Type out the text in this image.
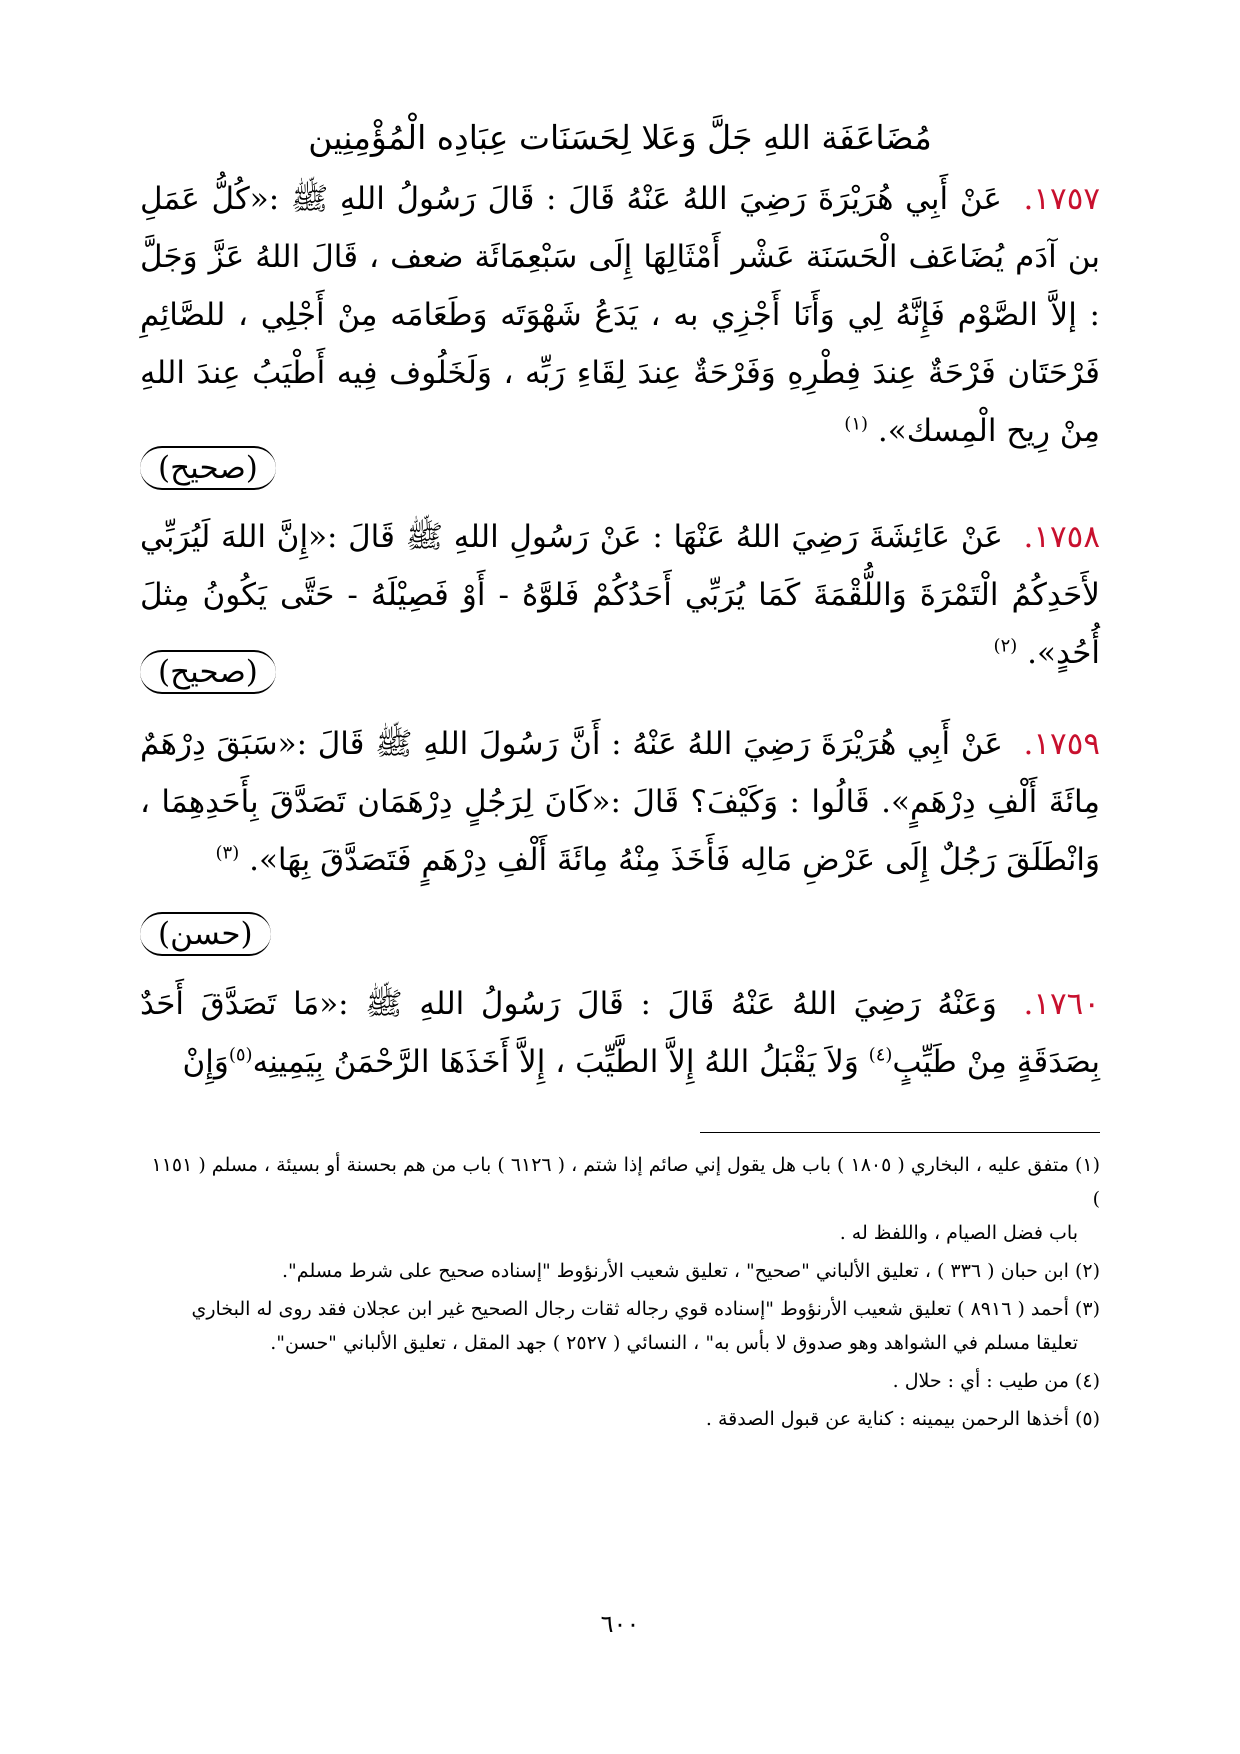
مُضَاعَفَة اللهِ جَلَّ وَعَلا لِحَسَنَات عِبَادِه الْمُؤْمِنِين
١٧٥٧. عَنْ أَبِي هُرَيْرَةَ رَضِيَ اللهُ عَنْهُ قَالَ : قَالَ رَسُولُ اللهِ ﷺ :«كُلُّ عَمَلِ بن آدَم يُضَاعَف الْحَسَنَة عَشْر أَمْثَالِهَا إِلَى سَبْعِمَائَة ضعف ، قَالَ اللهُ عَزَّ وَجَلَّ : إلاَّ الصَّوْم فَإِنَّهُ لِي وَأَنَا أَجْزِي به ، يَدَعُ شَهْوَتَه وَطَعَامَه مِنْ أَجْلِي ، للصَّائِمِ فَرْحَتَان فَرْحَةٌ عِندَ فِطْرِهِ وَفَرْحَةٌ عِندَ لِقَاءِ رَبِّه ، وَلَخَلُوف فِيه أَطْيَبُ عِندَ اللهِ مِنْ رِيح الْمِسك». $^{(١)}$
(صحيح)
١٧٥٨. عَنْ عَائِشَةَ رَضِيَ اللهُ عَنْهَا : عَنْ رَسُولِ اللهِ ﷺ قَالَ :«إِنَّ اللهَ لَيُرَبِّي لأَحَدِكُمُ الْتَمْرَةَ وَاللُّقْمَةَ كَمَا يُرَبِّي أَحَدُكُمْ فَلوَّهُ - أَوْ فَصِيْلَهُ - حَتَّى يَكُونُ مِثلَ أُحُدٍ». $^{(٢)}$
(صحيح)
١٧٥٩. عَنْ أَبِي هُرَيْرَةَ رَضِيَ اللهُ عَنْهُ : أَنَّ رَسُولَ اللهِ ﷺ قَالَ :«سَبَقَ دِرْهَمٌ مِائَةَ أَلْفِ دِرْهَمٍ». قَالُوا : وَكَيْفَ؟ قَالَ :«كَانَ لِرَجُلٍ دِرْهَمَان تَصَدَّقَ بِأَحَدِهِمَا ، وَانْطَلَقَ رَجُلٌ إِلَى عَرْضِ مَالِه فَأَخَذَ مِنْهُ مِائَةَ أَلْفِ دِرْهَمٍ فَتَصَدَّقَ بِهَا». $^{(٣)}$
(حسن)
١٧٦٠. وَعَنْهُ رَضِيَ اللهُ عَنْهُ قَالَ : قَالَ رَسُولُ اللهِ ﷺ :«مَا تَصَدَّقَ أَحَدٌ بِصَدَقَةٍ مِنْ طَيِّبٍ$^{(٤)}$ وَلاَ يَقْبَلُ اللهُ إِلاَّ الطَّيِّبَ ، إِلاَّ أَخَذَهَا الرَّحْمَنُ بِيَمِينِه$^{(٥)}$وَإِنْ
(١) متفق عليه ، البخاري ( ١٨٠٥ ) باب هل يقول إني صائم إذا شتم ، ( ٦١٢٦ ) باب من هم بحسنة أو بسيئة ، مسلم ( ١١٥١ )
باب فضل الصيام ، واللفظ له .
(٢) ابن حبان ( ٣٣٦ ) ، تعليق الألباني "صحيح" ، تعليق شعيب الأرنؤوط "إسناده صحيح على شرط مسلم".
(٣) أحمد ( ٨٩١٦ ) تعليق شعيب الأرنؤوط "إسناده قوي رجاله ثقات رجال الصحيح غير ابن عجلان فقد روى له البخاري
تعليقا مسلم في الشواهد وهو صدوق لا بأس به" ، النسائي ( ٢٥٢٧ ) جهد المقل ، تعليق الألباني "حسن".
(٤) من طيب : أي : حلال .
(٥) أخذها الرحمن بيمينه : كناية عن قبول الصدقة .
٦٠٠
